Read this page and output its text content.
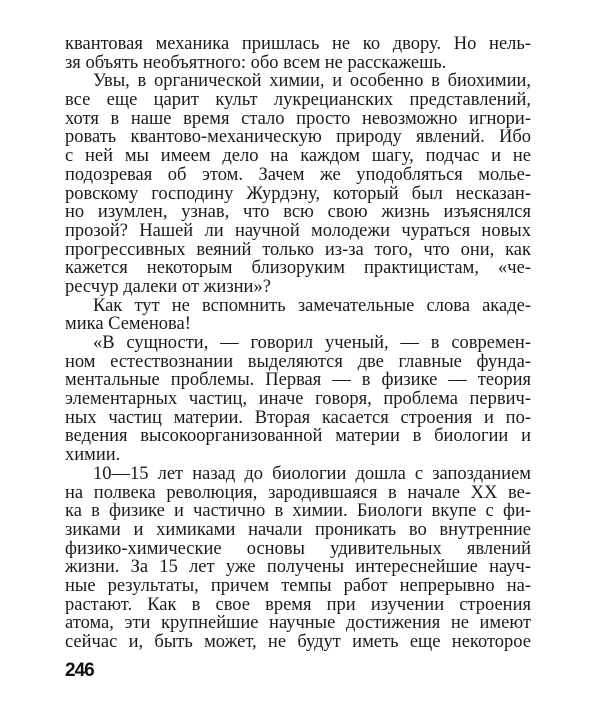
квантовая механика пришлась не ко двору. Но нель-
зя объять необъятного: обо всем не расскажешь.
Увы, в органической химии, и особенно в биохимии,
все еще царит культ лукрецианских представлений,
хотя в наше время стало просто невозможно игнори-
ровать квантово-механическую природу явлений. Ибо
с ней мы имеем дело на каждом шагу, подчас и не
подозревая об этом. Зачем же уподобляться молье-
ровскому господину Журдэну, который был несказан-
но изумлен, узнав, что всю свою жизнь изъяснялся
прозой? Нашей ли научной молодежи чураться новых
прогрессивных веяний только из-за того, что они, как
кажется некоторым близоруким практицистам, «че-
ресчур далеки от жизни»?
Как тут не вспомнить замечательные слова акаде-
мика Семенова!
«В сущности, — говорил ученый, — в современ-
ном естествознании выделяются две главные фунда-
ментальные проблемы. Первая — в физике — теория
элементарных частиц, иначе говоря, проблема первич-
ных частиц материи. Вторая касается строения и по-
ведения высокоорганизованной материи в биологии и
химии.
10—15 лет назад до биологии дошла с запозданием
на полвека революция, зародившаяся в начале XX ве-
ка в физике и частично в химии. Биологи вкупе с фи-
зиками и химиками начали проникать во внутренние
физико-химические основы удивительных явлений
жизни. За 15 лет уже получены интереснейшие науч-
ные результаты, причем темпы работ непрерывно на-
растают. Как в свое время при изучении строения
атома, эти крупнейшие научные достижения не имеют
сейчас и, быть может, не будут иметь еще некоторое
246
